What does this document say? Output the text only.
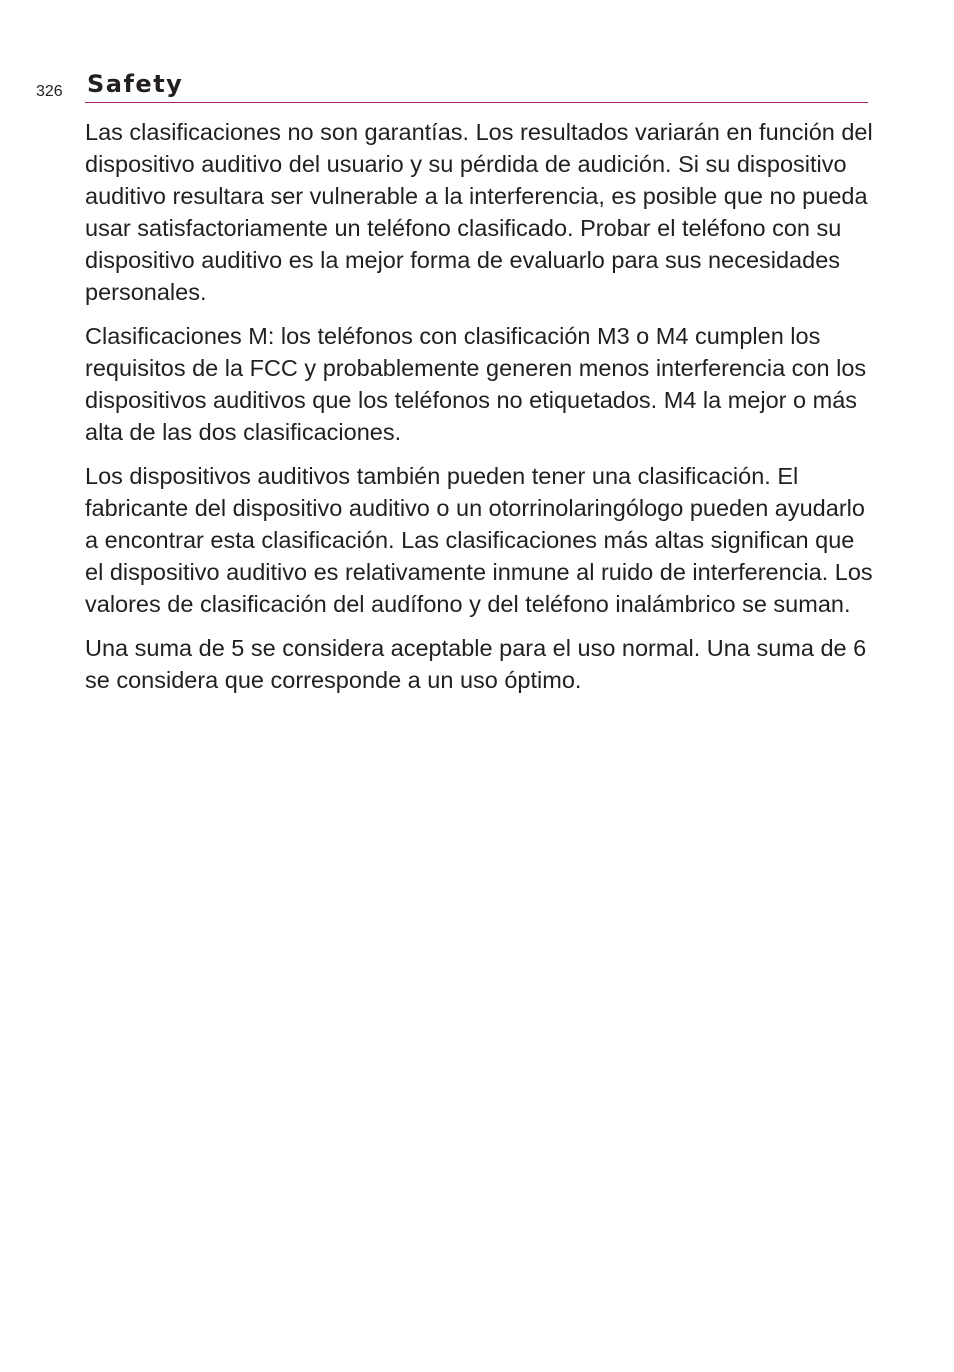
326 Safety

Las clasificaciones no son garantías. Los resultados variarán en función del dispositivo auditivo del usuario y su pérdida de audición. Si su dispositivo auditivo resultara ser vulnerable a la interferencia, es posible que no pueda usar satisfactoriamente un teléfono clasificado. Probar el teléfono con su dispositivo auditivo es la mejor forma de evaluarlo para sus necesidades personales.

Clasificaciones M: los teléfonos con clasificación M3 o M4 cumplen los requisitos de la FCC y probablemente generen menos interferencia con los dispositivos auditivos que los teléfonos no etiquetados. M4 la mejor o más alta de las dos clasificaciones.

Los dispositivos auditivos también pueden tener una clasificación. El fabricante del dispositivo auditivo o un otorrinolaringólogo pueden ayudarlo a encontrar esta clasificación. Las clasificaciones más altas significan que el dispositivo auditivo es relativamente inmune al ruido de interferencia. Los valores de clasificación del audífono y del teléfono inalámbrico se suman.

Una suma de 5 se considera aceptable para el uso normal. Una suma de 6 se considera que corresponde a un uso óptimo.
